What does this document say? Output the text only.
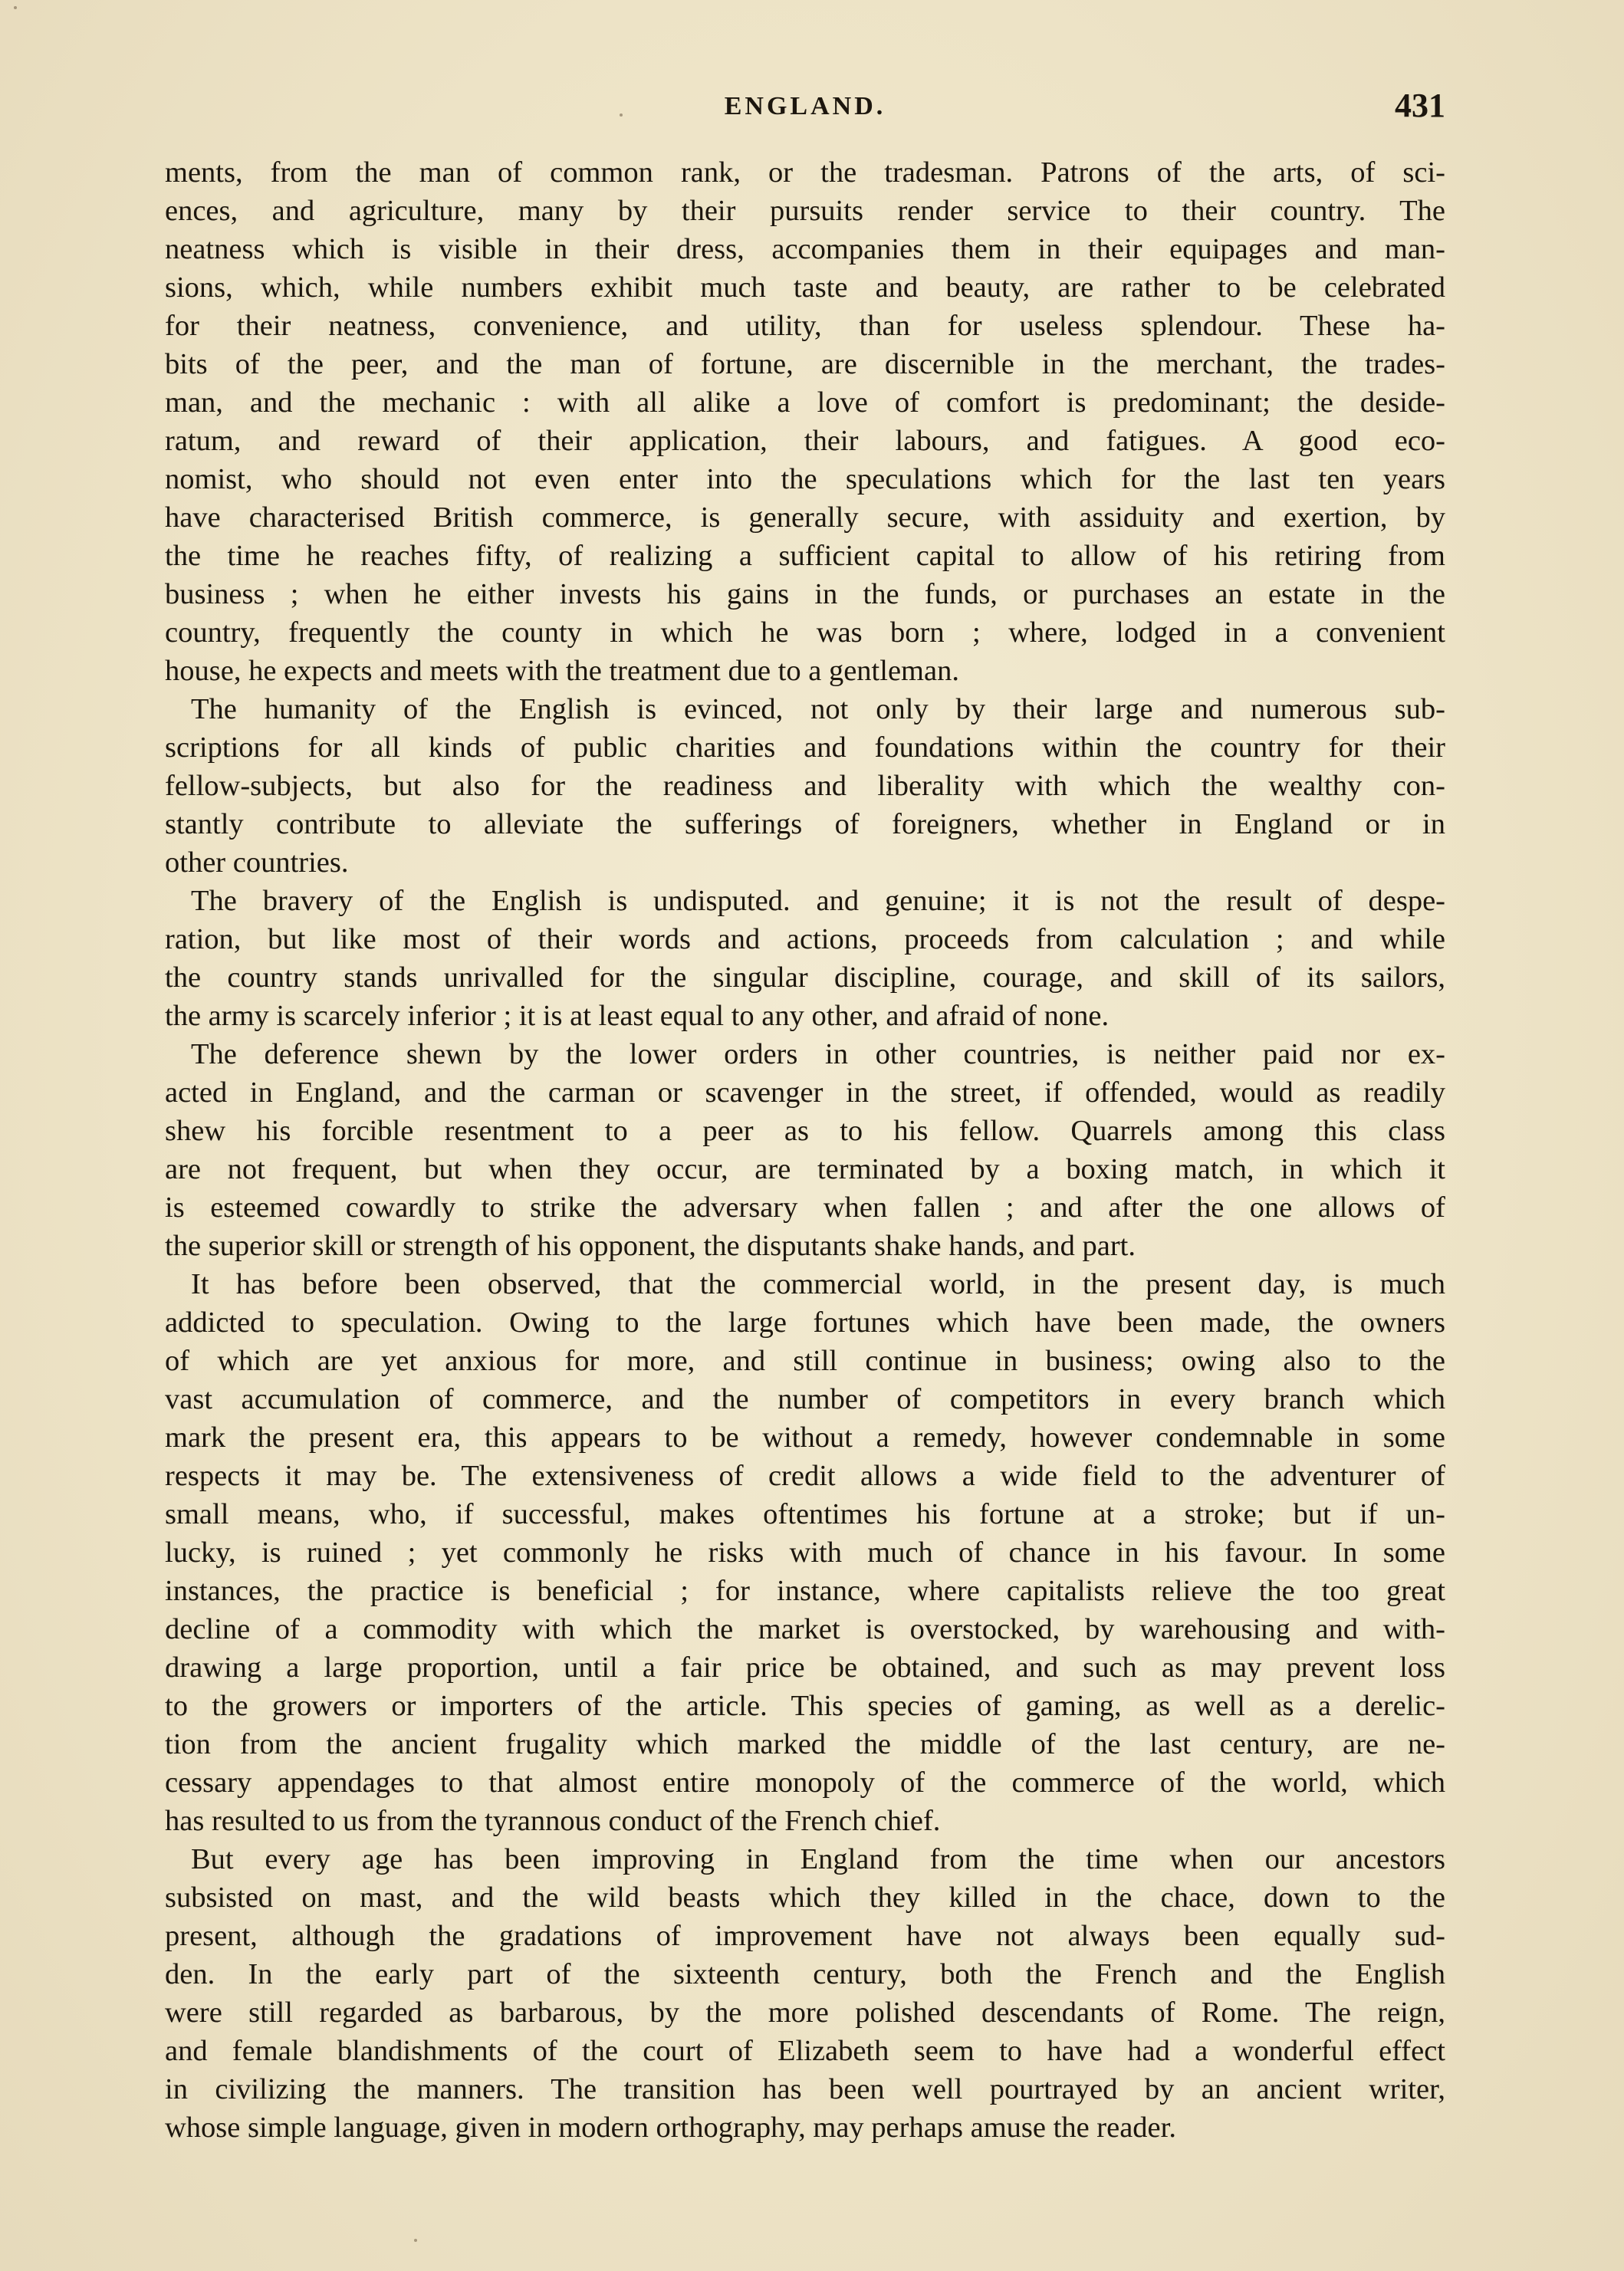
ENGLAND.	431
ments, from the man of common rank, or the tradesman. Patrons of the arts, of sci-
ences, and agriculture, many by their pursuits render service to their country. The
neatness which is visible in their dress, accompanies them in their equipages and man-
sions, which, while numbers exhibit much taste and beauty, are rather to be celebrated
for their neatness, convenience, and utility, than for useless splendour. These ha-
bits of the peer, and the man of fortune, are discernible in the merchant, the trades-
man, and the mechanic : with all alike a love of comfort is predominant; the deside-
ratum, and reward of their application, their labours, and fatigues. A good eco-
nomist, who should not even enter into the speculations which for the last ten years
have characterised British commerce, is generally secure, with assiduity and exertion, by
the time he reaches fifty, of realizing a sufficient capital to allow of his retiring from
business ; when he either invests his gains in the funds, or purchases an estate in the
country, frequently the county in which he was born ; where, lodged in a convenient
house, he expects and meets with the treatment due to a gentleman.
The humanity of the English is evinced, not only by their large and numerous sub-
scriptions for all kinds of public charities and foundations within the country for their
fellow-subjects, but also for the readiness and liberality with which the wealthy con-
stantly contribute to alleviate the sufferings of foreigners, whether in England or in
other countries.
The bravery of the English is undisputed. and genuine; it is not the result of despe-
ration, but like most of their words and actions, proceeds from calculation ; and while
the country stands unrivalled for the singular discipline, courage, and skill of its sailors,
the army is scarcely inferior ; it is at least equal to any other, and afraid of none.
The deference shewn by the lower orders in other countries, is neither paid nor ex-
acted in England, and the carman or scavenger in the street, if offended, would as readily
shew his forcible resentment to a peer as to his fellow. Quarrels among this class
are not frequent, but when they occur, are terminated by a boxing match, in which it
is esteemed cowardly to strike the adversary when fallen ; and after the one allows of
the superior skill or strength of his opponent, the disputants shake hands, and part.
It has before been observed, that the commercial world, in the present day, is much
addicted to speculation. Owing to the large fortunes which have been made, the owners
of which are yet anxious for more, and still continue in business; owing also to the
vast accumulation of commerce, and the number of competitors in every branch which
mark the present era, this appears to be without a remedy, however condemnable in some
respects it may be. The extensiveness of credit allows a wide field to the adventurer of
small means, who, if successful, makes oftentimes his fortune at a stroke; but if un-
lucky, is ruined ; yet commonly he risks with much of chance in his favour. In some
instances, the practice is beneficial ; for instance, where capitalists relieve the too great
decline of a commodity with which the market is overstocked, by warehousing and with-
drawing a large proportion, until a fair price be obtained, and such as may prevent loss
to the growers or importers of the article. This species of gaming, as well as a derelic-
tion from the ancient frugality which marked the middle of the last century, are ne-
cessary appendages to that almost entire monopoly of the commerce of the world, which
has resulted to us from the tyrannous conduct of the French chief.
But every age has been improving in England from the time when our ancestors
subsisted on mast, and the wild beasts which they killed in the chace, down to the
present, although the gradations of improvement have not always been equally sud-
den. In the early part of the sixteenth century, both the French and the English
were still regarded as barbarous, by the more polished descendants of Rome. The reign,
and female blandishments of the court of Elizabeth seem to have had a wonderful effect
in civilizing the manners. The transition has been well pourtrayed by an ancient writer,
whose simple language, given in modern orthography, may perhaps amuse the reader.
